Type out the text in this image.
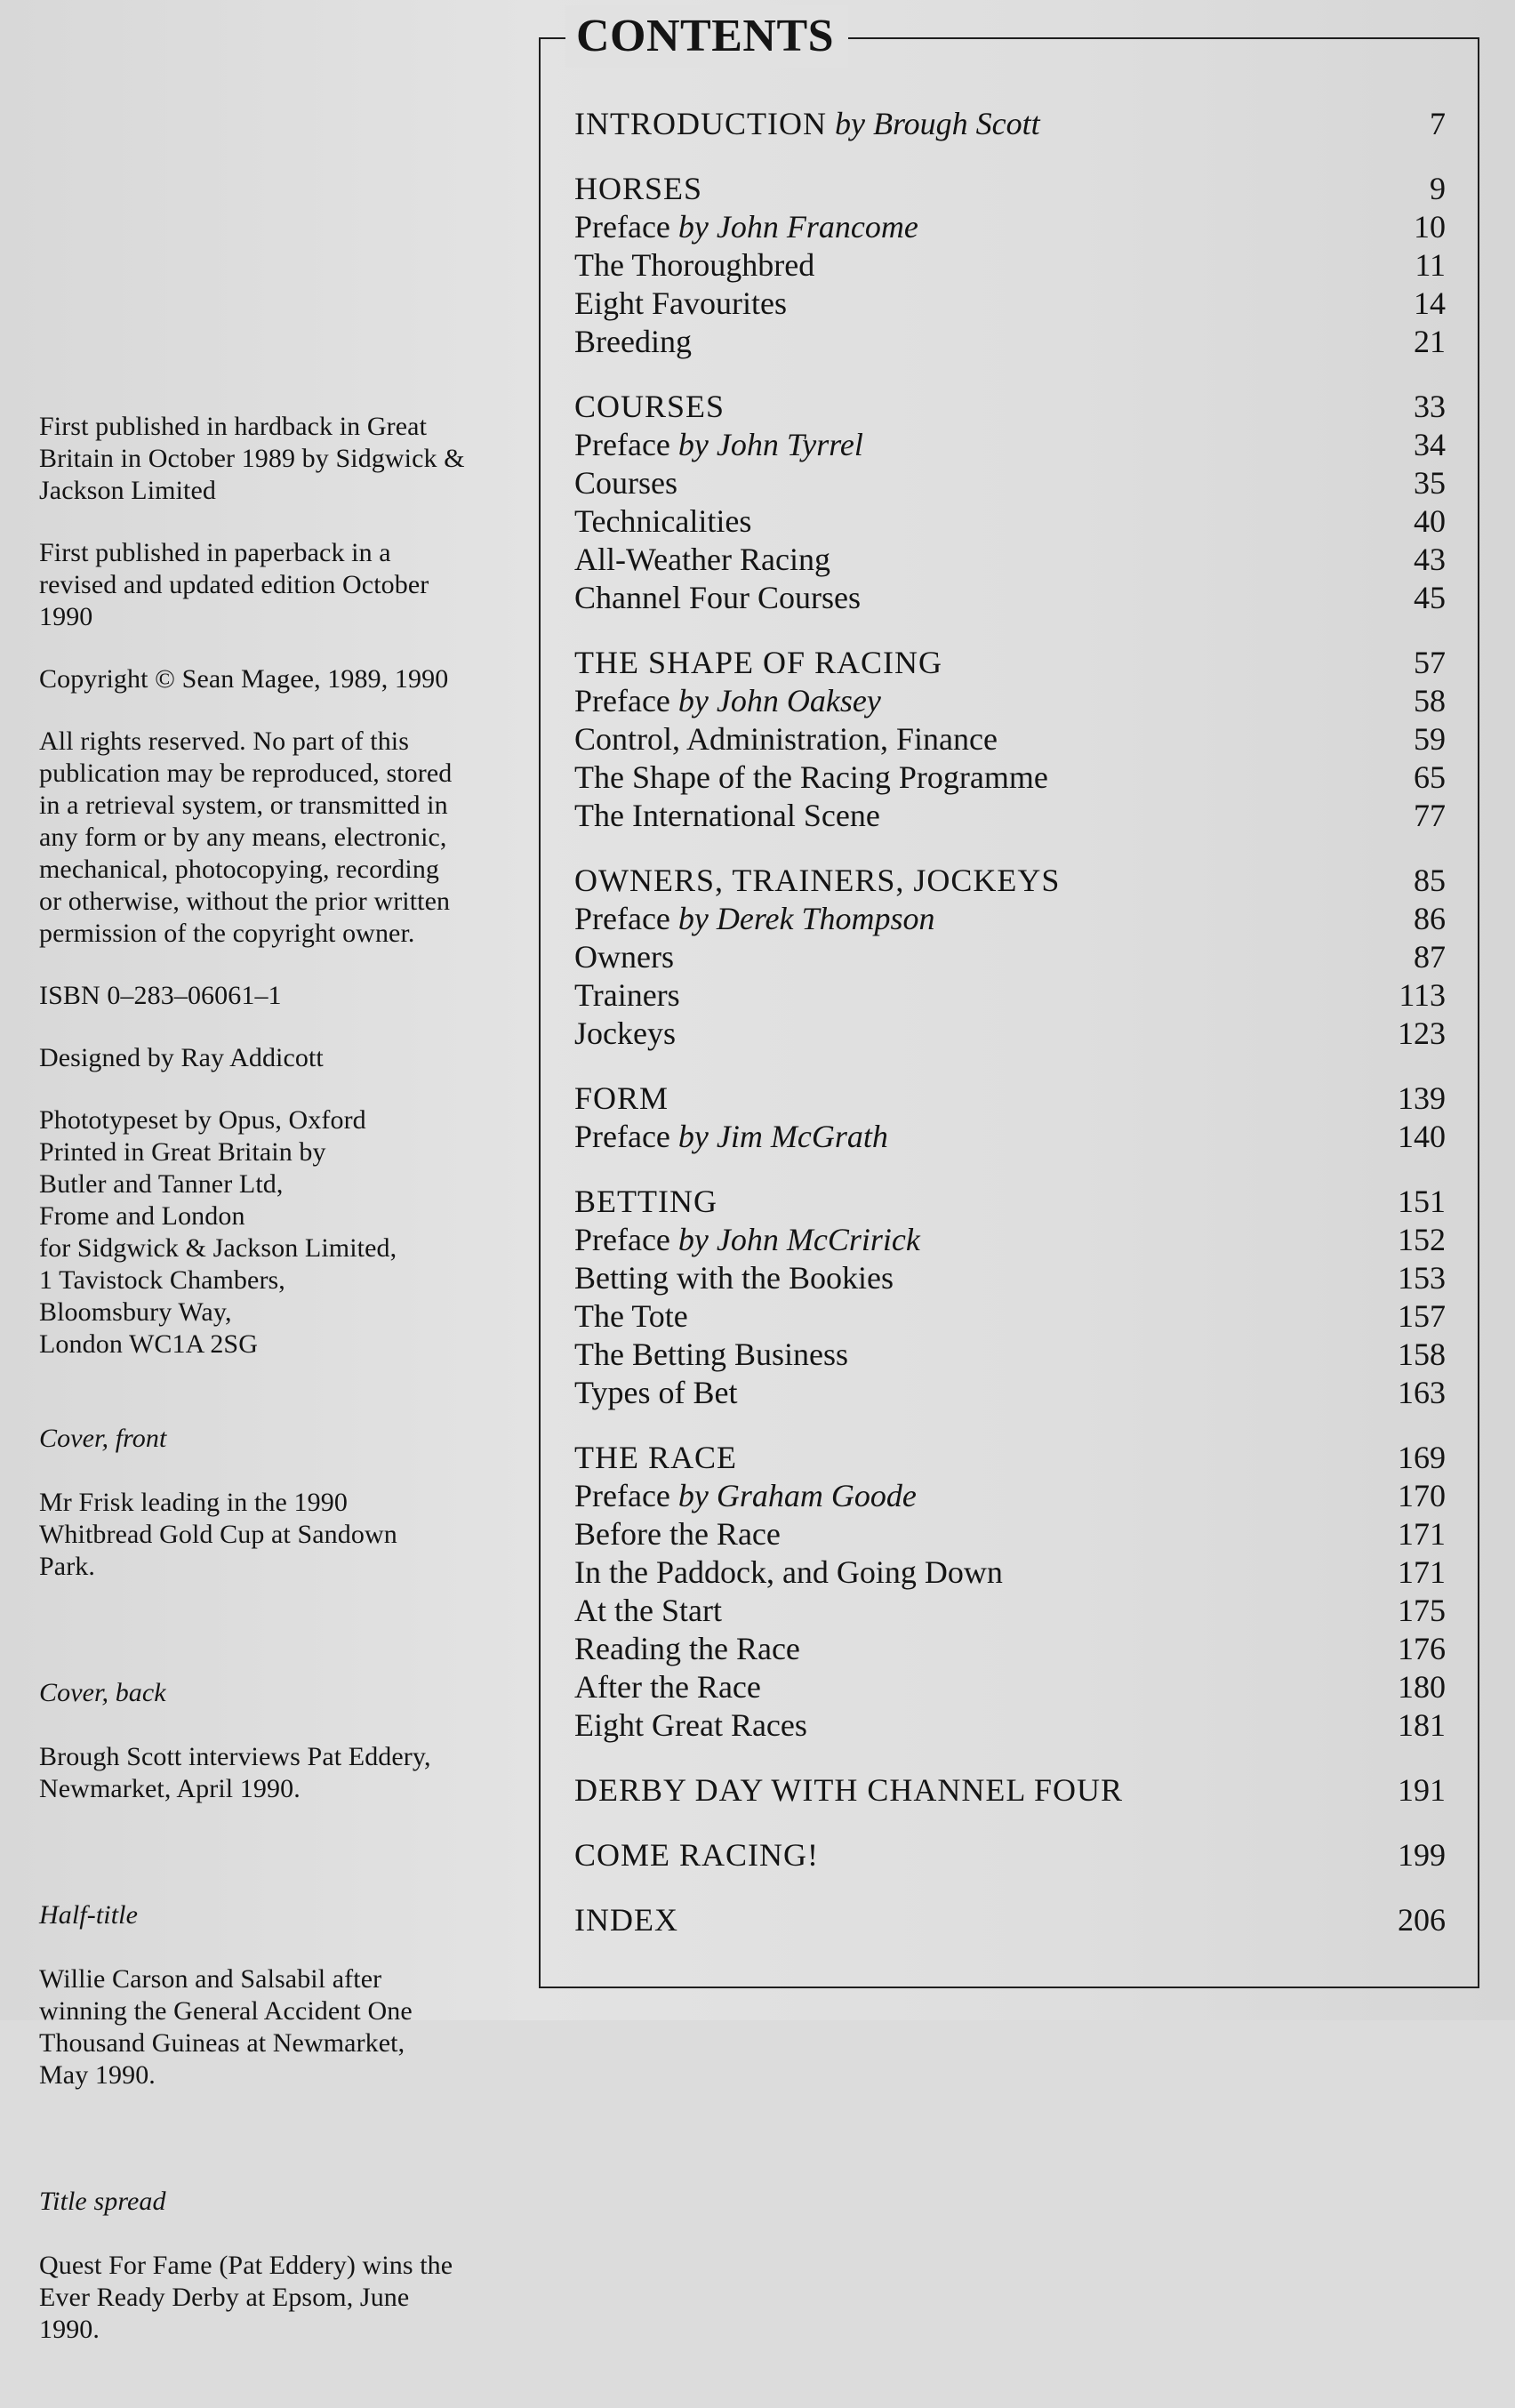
First published in hardback in Great
Britain in October 1989 by Sidgwick &
Jackson Limited

First published in paperback in a
revised and updated edition October
1990

Copyright © Sean Magee, 1989, 1990

All rights reserved. No part of this
publication may be reproduced, stored
in a retrieval system, or transmitted in
any form or by any means, electronic,
mechanical, photocopying, recording
or otherwise, without the prior written
permission of the copyright owner.

ISBN 0–283–06061–1

Designed by Ray Addicott

Phototypeset by Opus, Oxford
Printed in Great Britain by
Butler and Tanner Ltd,
Frome and London
for Sidgwick & Jackson Limited,
1 Tavistock Chambers,
Bloomsbury Way,
London WC1A 2SG

Cover, front

Mr Frisk leading in the 1990
Whitbread Gold Cup at Sandown
Park.

Cover, back

Brough Scott interviews Pat Eddery,
Newmarket, April 1990.

Half-title

Willie Carson and Salsabil after
winning the General Accident One
Thousand Guineas at Newmarket,
May 1990.

Title spread

Quest For Fame (Pat Eddery) wins the
Ever Ready Derby at Epsom, June
1990.

CONTENTS
INTRODUCTION by Brough Scott	7
HORSES	9
Preface by John Francome	10
The Thoroughbred	11
Eight Favourites	14
Breeding	21
COURSES	33
Preface by John Tyrrel	34
Courses	35
Technicalities	40
All-Weather Racing	43
Channel Four Courses	45
THE SHAPE OF RACING	57
Preface by John Oaksey	58
Control, Administration, Finance	59
The Shape of the Racing Programme	65
The International Scene	77
OWNERS, TRAINERS, JOCKEYS	85
Preface by Derek Thompson	86
Owners	87
Trainers	113
Jockeys	123
FORM	139
Preface by Jim McGrath	140
BETTING	151
Preface by John McCririck	152
Betting with the Bookies	153
The Tote	157
The Betting Business	158
Types of Bet	163
THE RACE	169
Preface by Graham Goode	170
Before the Race	171
In the Paddock, and Going Down	171
At the Start	175
Reading the Race	176
After the Race	180
Eight Great Races	181
DERBY DAY WITH CHANNEL FOUR	191
COME RACING!	199
INDEX	206
